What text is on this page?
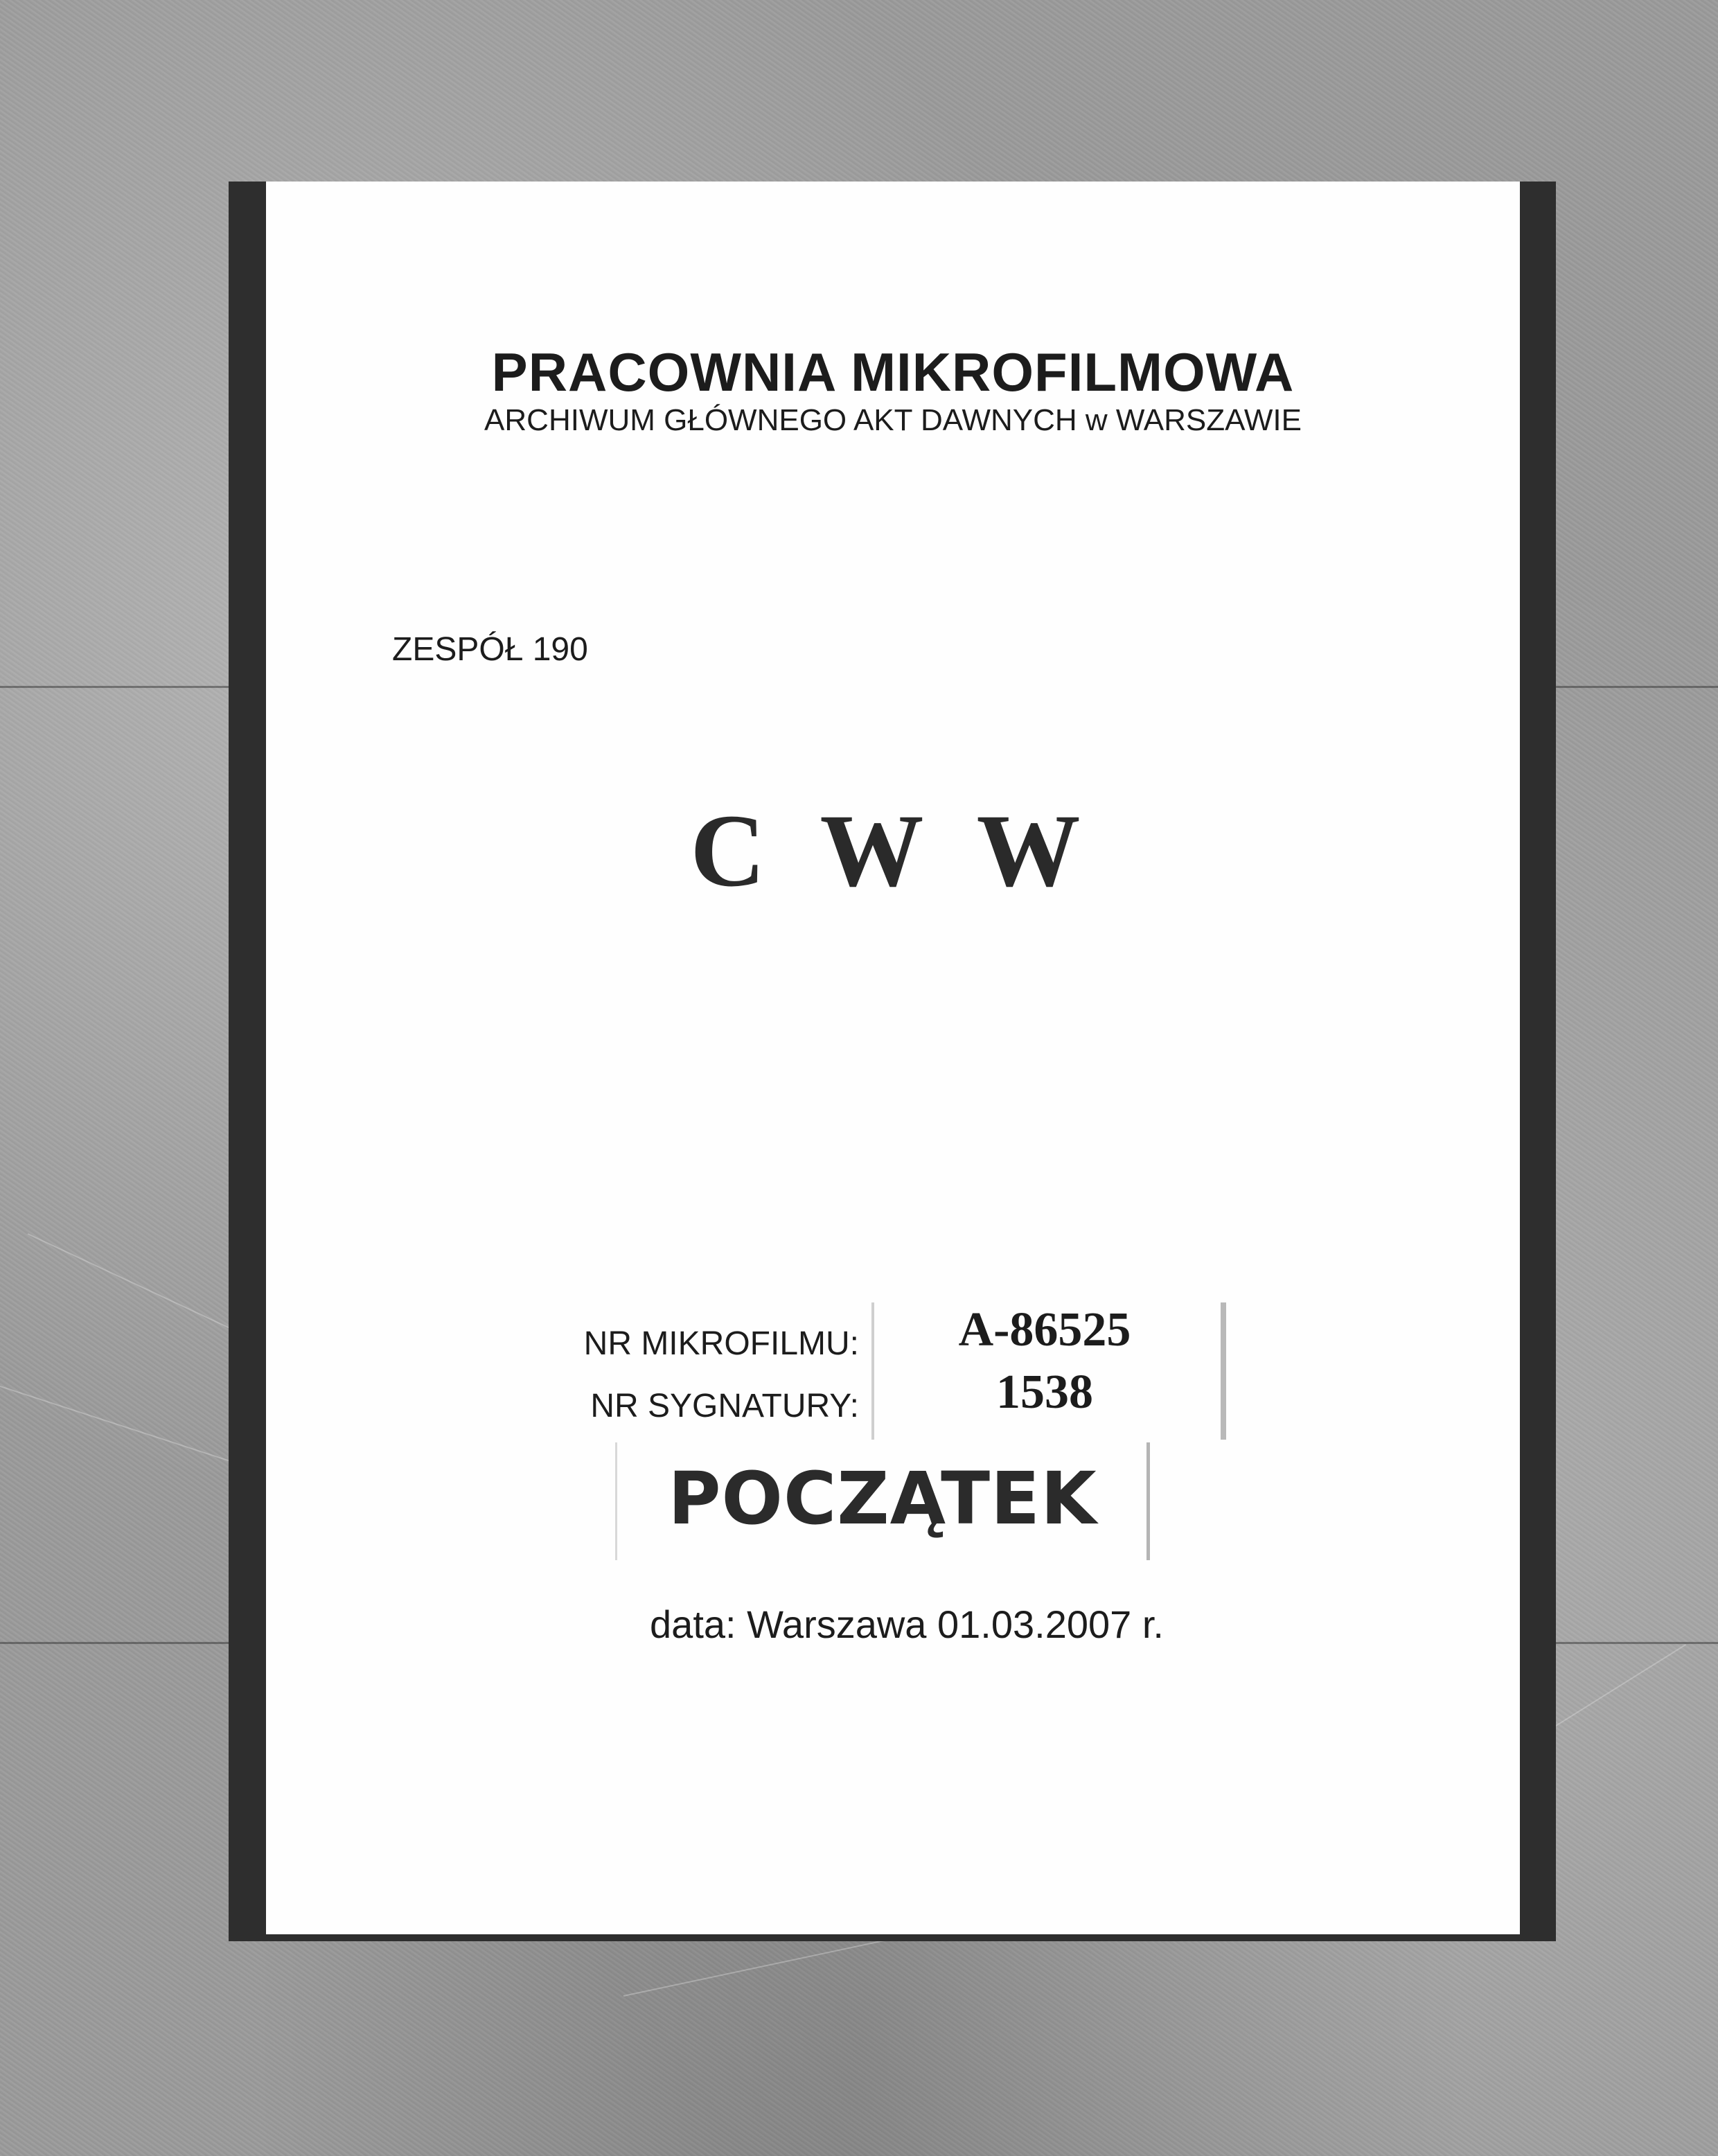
PRACOWNIA MIKROFILMOWA
ARCHIWUM GŁÓWNEGO AKT DAWNYCH w WARSZAWIE
ZESPÓŁ 190
C W W
NR MIKROFILMU:
NR SYGNATURY:
A-86525
1538
POCZĄTEK
data: Warszawa 01.03.2007 r.
